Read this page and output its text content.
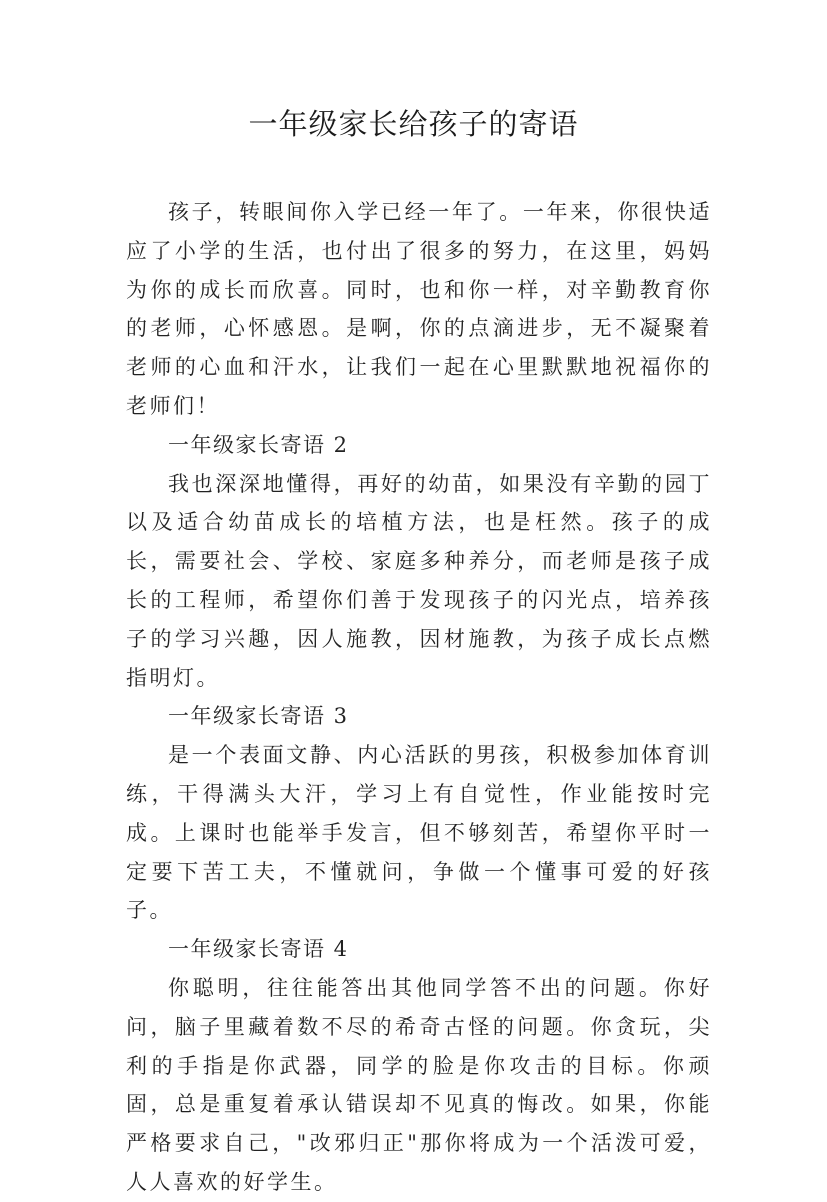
一年级家长给孩子的寄语

孩子，转眼间你入学已经一年了。一年来，你很快适应了小学的生活，也付出了很多的努力，在这里，妈妈为你的成长而欣喜。同时，也和你一样，对辛勤教育你的老师，心怀感恩。是啊，你的点滴进步，无不凝聚着老师的心血和汗水，让我们一起在心里默默地祝福你的老师们！

一年级家长寄语 2

我也深深地懂得，再好的幼苗，如果没有辛勤的园丁以及适合幼苗成长的培植方法，也是枉然。孩子的成长，需要社会、学校、家庭多种养分，而老师是孩子成长的工程师，希望你们善于发现孩子的闪光点，培养孩子的学习兴趣，因人施教，因材施教，为孩子成长点燃指明灯。

一年级家长寄语 3

是一个表面文静、内心活跃的男孩，积极参加体育训练，干得满头大汗，学习上有自觉性，作业能按时完成。上课时也能举手发言，但不够刻苦，希望你平时一定要下苦工夫，不懂就问，争做一个懂事可爱的好孩子。

一年级家长寄语 4

你聪明，往往能答出其他同学答不出的问题。你好问，脑子里藏着数不尽的希奇古怪的问题。你贪玩，尖利的手指是你武器，同学的脸是你攻击的目标。你顽固，总是重复着承认错误却不见真的悔改。如果，你能严格要求自己，"改邪归正"那你将成为一个活泼可爱，人人喜欢的好学生。
